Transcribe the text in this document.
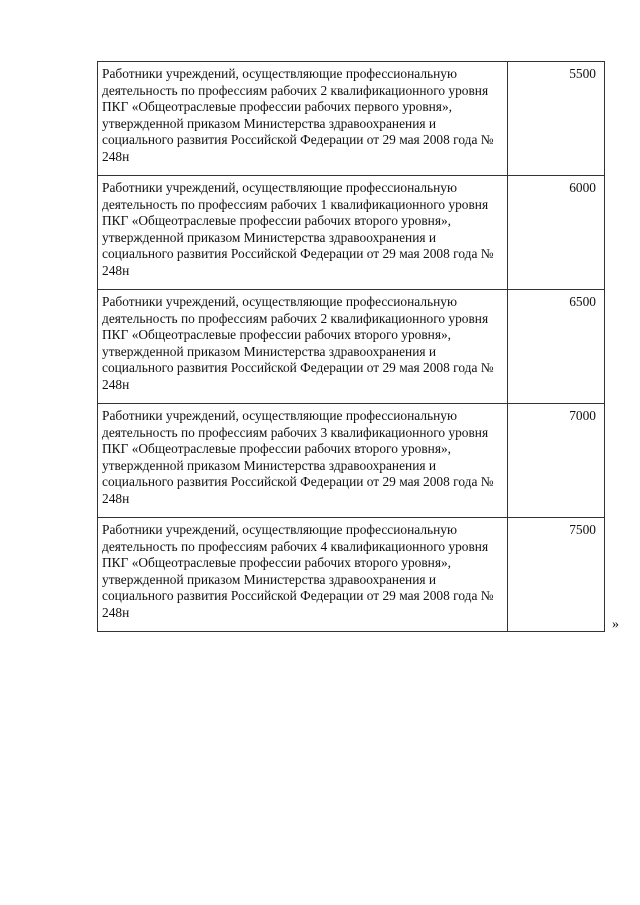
Работники учреждений, осуществляющие профессиональную деятельность по профессиям рабочих 2 квалификационного уровня ПКГ «Общеотраслевые профессии рабочих первого уровня», утвержденной приказом Министерства здравоохранения и социального развития Российской Федерации от 29 мая 2008 года № 248н	5500
Работники учреждений, осуществляющие профессиональную деятельность по профессиям рабочих 1 квалификационного уровня ПКГ «Общеотраслевые профессии рабочих второго уровня», утвержденной приказом Министерства здравоохранения и социального развития Российской Федерации от 29 мая 2008 года № 248н	6000
Работники учреждений, осуществляющие профессиональную деятельность по профессиям рабочих 2 квалификационного уровня ПКГ «Общеотраслевые профессии рабочих второго уровня», утвержденной приказом Министерства здравоохранения и социального развития Российской Федерации от 29 мая 2008 года № 248н	6500
Работники учреждений, осуществляющие профессиональную деятельность по профессиям рабочих 3 квалификационного уровня ПКГ «Общеотраслевые профессии рабочих второго уровня», утвержденной приказом Министерства здравоохранения и социального развития Российской Федерации от 29 мая 2008 года № 248н	7000
Работники учреждений, осуществляющие профессиональную деятельность по профессиям рабочих 4 квалификационного уровня ПКГ «Общеотраслевые профессии рабочих второго уровня», утвержденной приказом Министерства здравоохранения и социального развития Российской Федерации от 29 мая 2008 года № 248н	7500
»
